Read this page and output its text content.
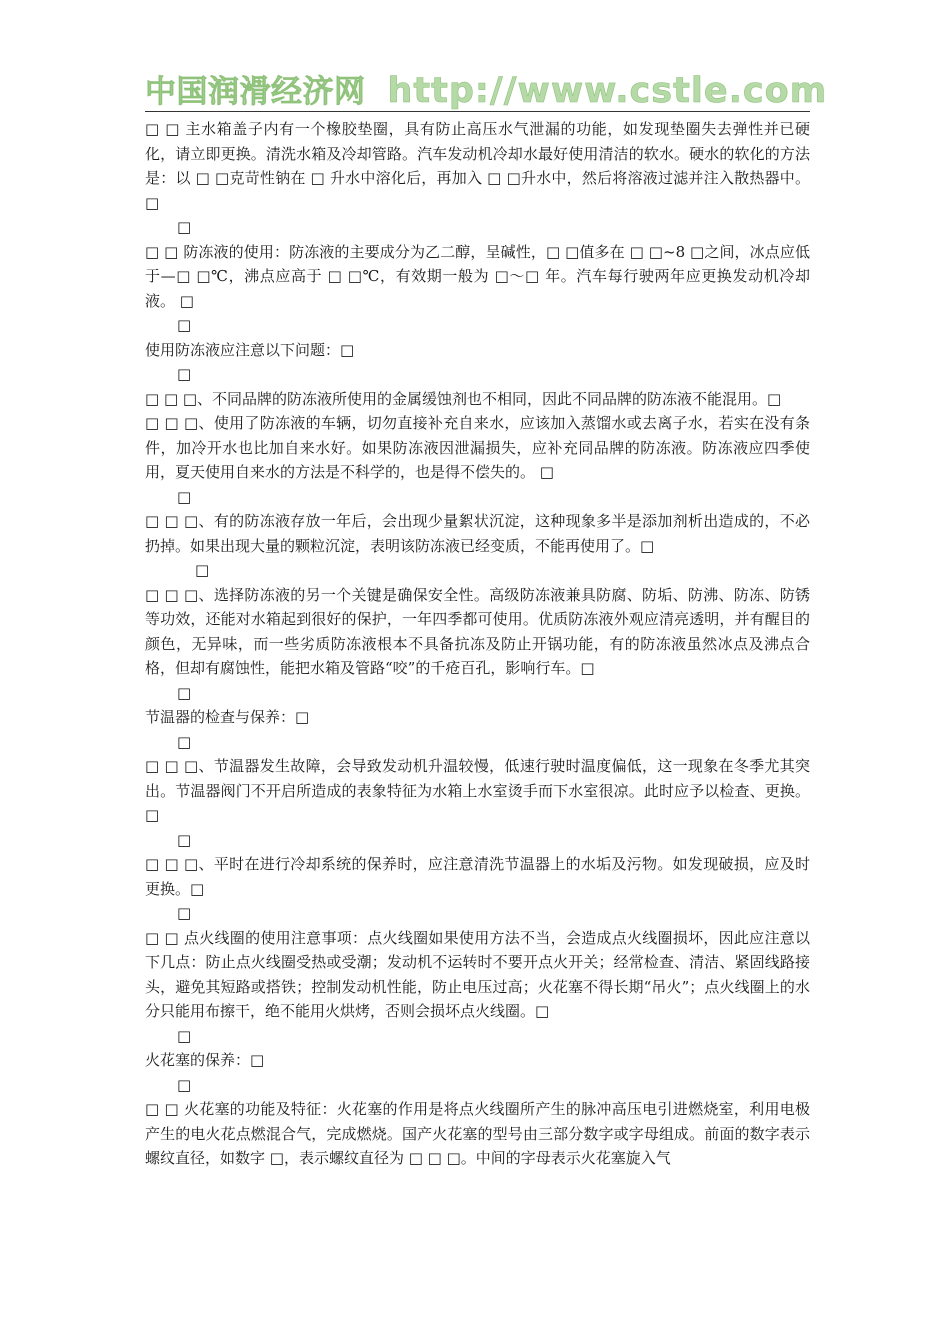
中国润滑经济网 http://www.cstle.com

□ □ 主水箱盖子内有一个橡胶垫圈，具有防止高压水气泄漏的功能，如发现垫圈失去弹性并已硬化，请立即更换。清洗水箱及冷却管路。汽车发动机冷却水最好使用清洁的软水。硬水的软化的方法是：以 □ □克苛性钠在 □ 升水中溶化后，再加入 □ □升水中，然后将溶液过滤并注入散热器中。 □

□

□ □ 防冻液的使用：防冻液的主要成分为乙二醇，呈碱性，□ □值多在 □ □~8 □之间，冰点应低于—□ □℃，沸点应高于 □ □℃，有效期一般为 □～□ 年。汽车每行驶两年应更换发动机冷却液。 □

□

使用防冻液应注意以下问题：□

□

□ □ □、不同品牌的防冻液所使用的金属缓蚀剂也不相同，因此不同品牌的防冻液不能混用。□

□ □ □、使用了防冻液的车辆，切勿直接补充自来水，应该加入蒸馏水或去离子水，若实在没有条件，加冷开水也比加自来水好。如果防冻液因泄漏损失，应补充同品牌的防冻液。防冻液应四季使用，夏天使用自来水的方法是不科学的，也是得不偿失的。 □

□

□ □ □、有的防冻液存放一年后，会出现少量絮状沉淀，这种现象多半是添加剂析出造成的，不必扔掉。如果出现大量的颗粒沉淀，表明该防冻液已经变质，不能再使用了。□

□

□ □ □、选择防冻液的另一个关键是确保安全性。高级防冻液兼具防腐、防垢、防沸、防冻、防锈等功效，还能对水箱起到很好的保护，一年四季都可使用。优质防冻液外观应清亮透明，并有醒目的颜色，无异味，而一些劣质防冻液根本不具备抗冻及防止开锅功能，有的防冻液虽然冰点及沸点合格，但却有腐蚀性，能把水箱及管路“咬”的千疮百孔，影响行车。□

□

节温器的检查与保养：□

□

□ □ □、节温器发生故障，会导致发动机升温较慢，低速行驶时温度偏低，这一现象在冬季尤其突出。节温器阀门不开启所造成的表象特征为水箱上水室烫手而下水室很凉。此时应予以检查、更换。 □

□

□ □ □、平时在进行冷却系统的保养时，应注意清洗节温器上的水垢及污物。如发现破损，应及时更换。□

□

□ □ 点火线圈的使用注意事项：点火线圈如果使用方法不当，会造成点火线圈损坏，因此应注意以下几点：防止点火线圈受热或受潮；发动机不运转时不要开点火开关；经常检查、清洁、紧固线路接头，避免其短路或搭铁；控制发动机性能，防止电压过高；火花塞不得长期“吊火”；点火线圈上的水分只能用布擦干，绝不能用火烘烤，否则会损坏点火线圈。□

□

火花塞的保养：□

□

□ □ 火花塞的功能及特征：火花塞的作用是将点火线圈所产生的脉冲高压电引进燃烧室，利用电极产生的电火花点燃混合气，完成燃烧。国产火花塞的型号由三部分数字或字母组成。前面的数字表示螺纹直径，如数字 □，表示螺纹直径为 □ □ □。中间的字母表示火花塞旋入气
